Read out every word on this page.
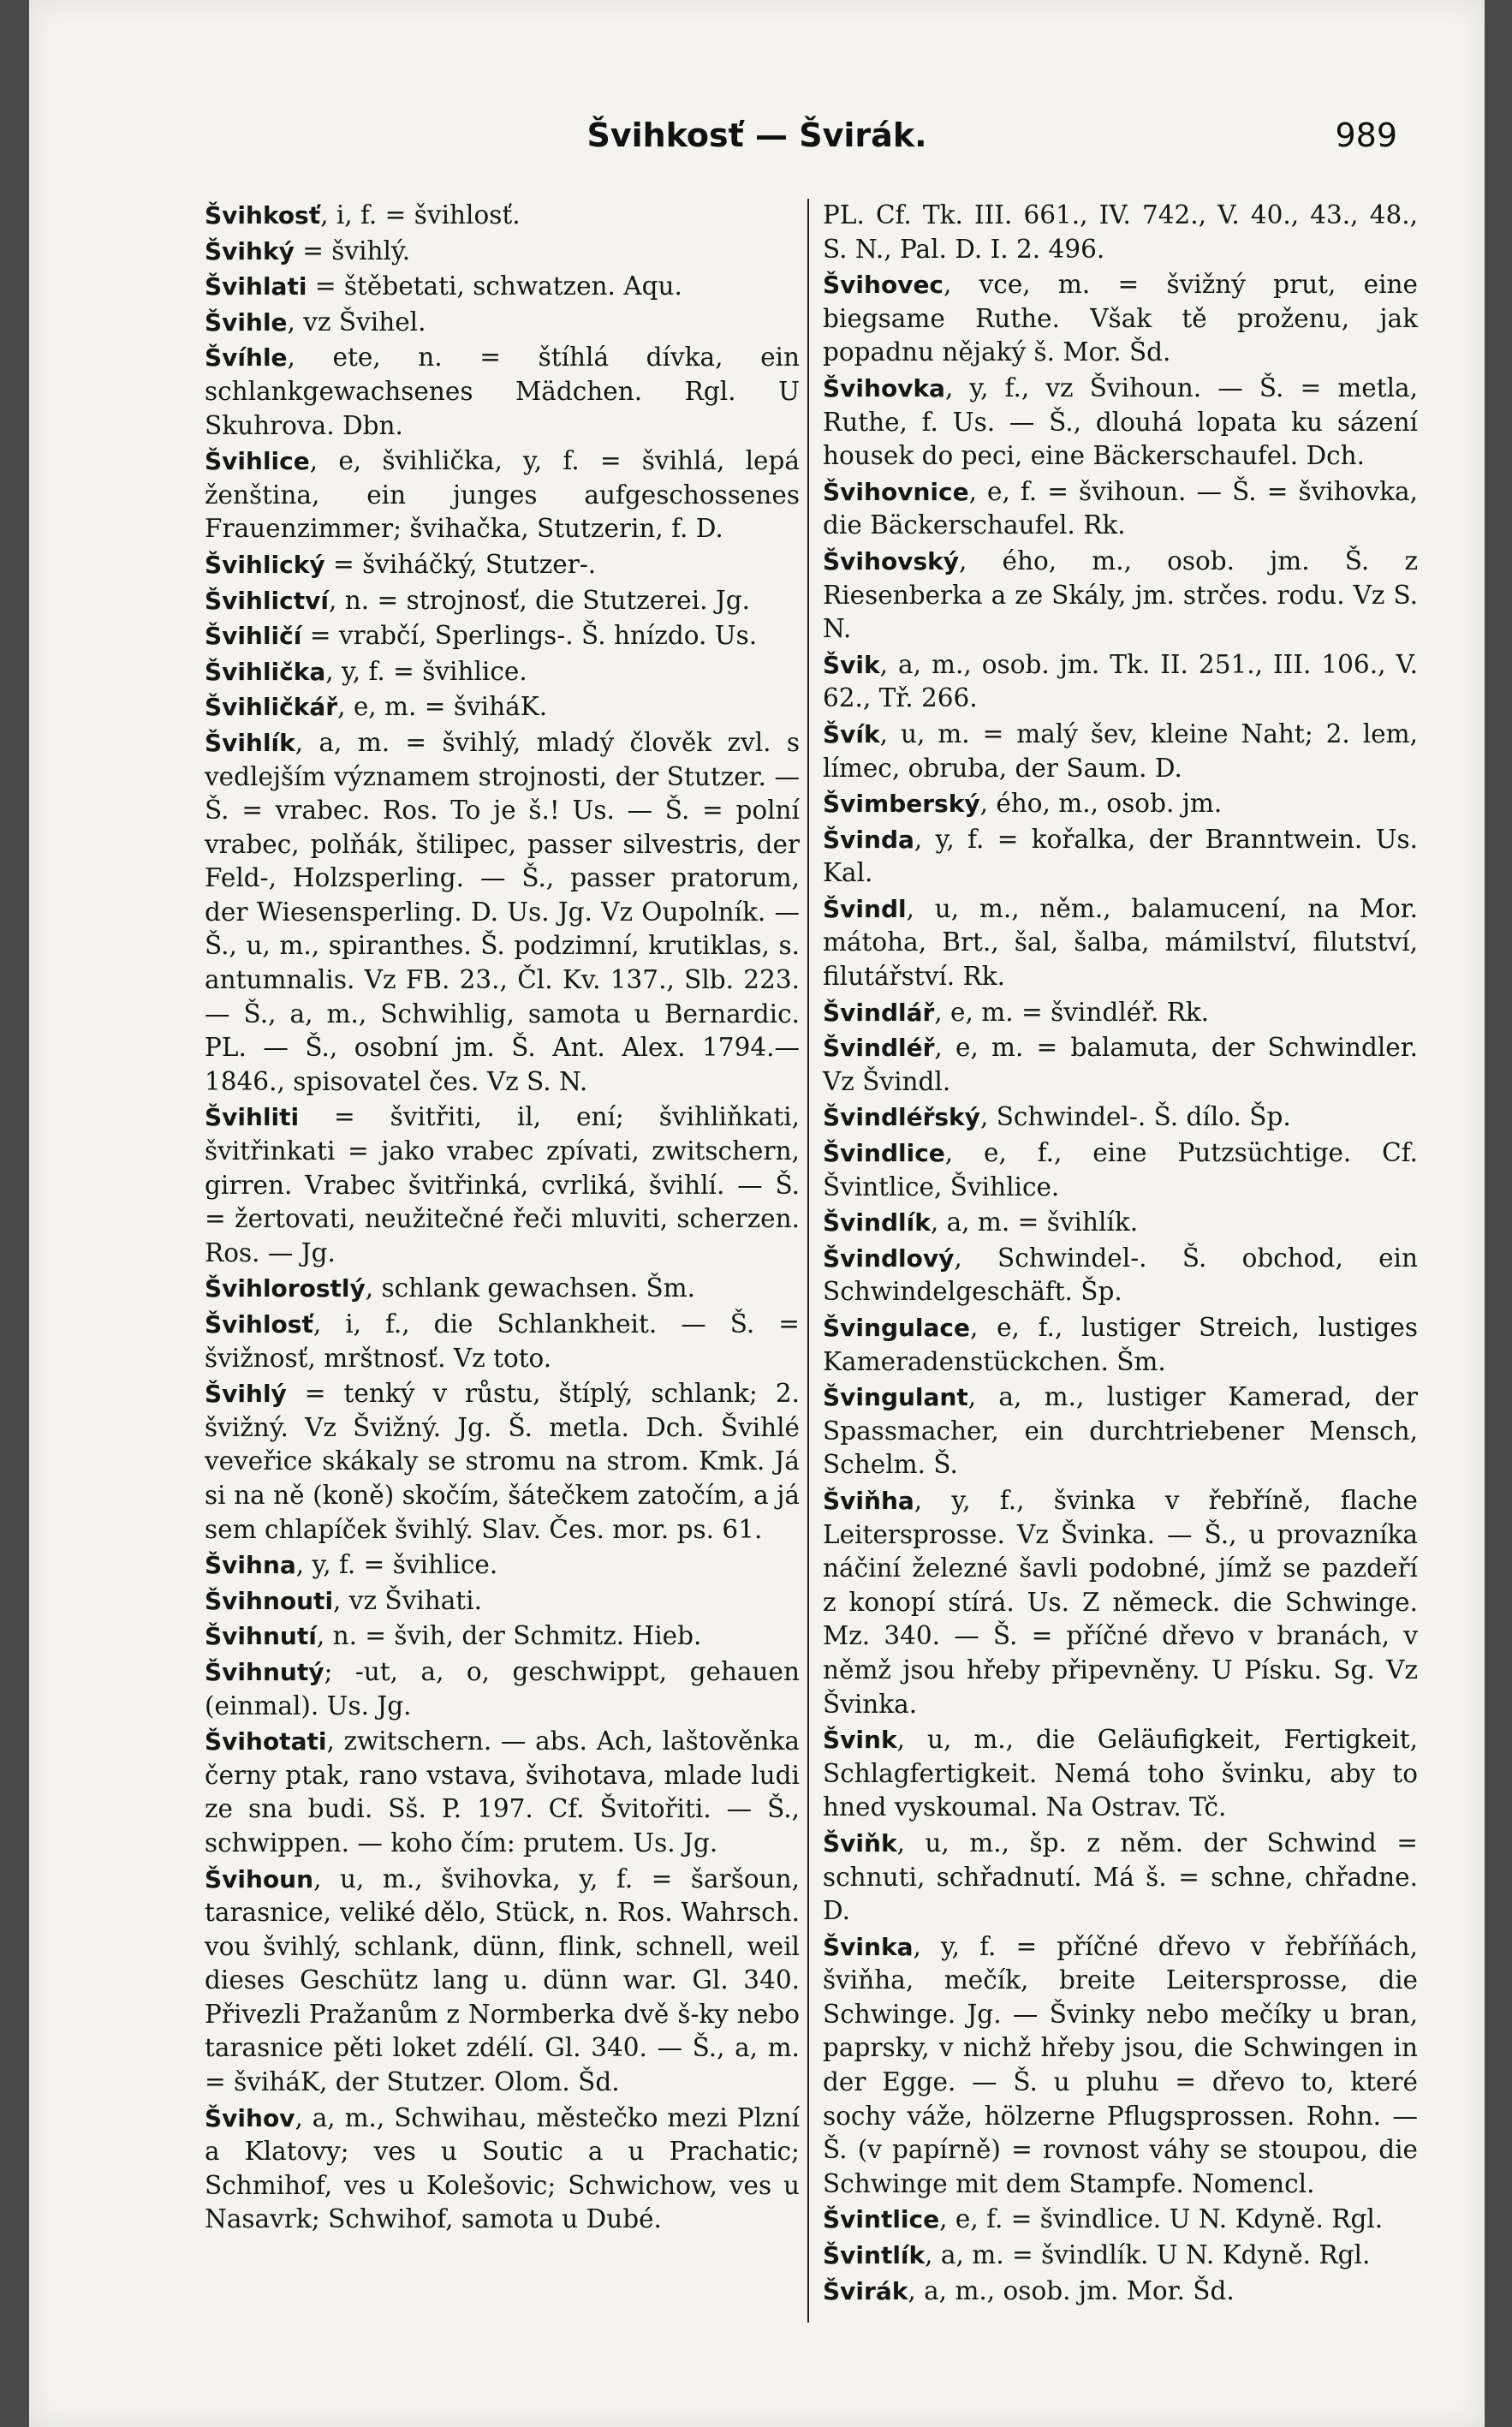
Švihkosť — Švirák.	989

Švihkosť, i, f. = švihlosť.

Švihký = švihlý.

Švihlati = štěbetati, schwatzen. Aqu.

Švihle, vz Švihel.

Švíhle, ete, n. = štíhlá dívka, ein schlankgewachsenes Mädchen. Rgl. U Skuhrova. Dbn.

Švihlice, e, švihlička, y, f. = švihlá, lepá ženština, ein junges aufgeschossenes Frauenzimmer; švihačka, Stutzerin, f. D.

Švihlický = šviháčký, Stutzer-.

Švihlictví, n. = strojnosť, die Stutzerei. Jg.

Švihličí = vrabčí, Sperlings-. Š. hnízdo. Us.

Švihlička, y, f. = švihlice.

Švihličkář, e, m. = šviháK.

Švihlík, a, m. = švihlý, mladý člověk zvl. s vedlejším významem strojnosti, der Stutzer. — Š. = vrabec. Ros. To je š.! Us. — Š. = polní vrabec, polňák, štilipec, passer silvestris, der Feld-, Holzsperling. — Š., passer pratorum, der Wiesensperling. D. Us. Jg. Vz Oupolník. — Š., u, m., spiranthes. Š. podzimní, krutiklas, s. antumnalis. Vz FB. 23., Čl. Kv. 137., Slb. 223. — Š., a, m., Schwihlig, samota u Bernardic. PL. — Š., osobní jm. Š. Ant. Alex. 1794.—1846., spisovatel čes. Vz S. N.

Švihliti = švitřiti, il, ení; švihliňkati, švitřinkati = jako vrabec zpívati, zwitschern, girren. Vrabec švitřinká, cvrliká, švihlí. — Š. = žertovati, neužitečné řeči mluviti, scherzen. Ros. — Jg.

Švihlorostlý, schlank gewachsen. Šm.

Švihlosť, i, f., die Schlankheit. — Š. = švižnosť, mrštnosť. Vz toto.

Švihlý = tenký v růstu, štíplý, schlank; 2. švižný. Vz Švižný. Jg. Š. metla. Dch. Švihlé veveřice skákaly se stromu na strom. Kmk. Já si na ně (koně) skočím, šátečkem zatočím, a já sem chlapíček švihlý. Slav. Čes. mor. ps. 61.

Švihna, y, f. = švihlice.

Švihnouti, vz Švihati.

Švihnutí, n. = švih, der Schmitz. Hieb.

Švihnutý; -ut, a, o, geschwippt, gehauen (einmal). Us. Jg.

Švihotati, zwitschern. — abs. Ach, laštověnka černy ptak, rano vstava, švihotava, mlade ludi ze sna budi. Sš. P. 197. Cf. Švitořiti. — Š., schwippen. — koho čím: prutem. Us. Jg.

Švihoun, u, m., švihovka, y, f. = šaršoun, tarasnice, veliké dělo, Stück, n. Ros. Wahrsch. vou švihlý, schlank, dünn, flink, schnell, weil dieses Geschütz lang u. dünn war. Gl. 340. Přivezli Pražanům z Normberka dvě š-ky nebo tarasnice pěti loket zdélí. Gl. 340. — Š., a, m. = šviháK, der Stutzer. Olom. Šd.

Švihov, a, m., Schwihau, městečko mezi Plzní a Klatovy; ves u Soutic a u Prachatic; Schmihof, ves u Kolešovic; Schwichow, ves u Nasavrk; Schwihof, samota u Dubé.

PL. Cf. Tk. III. 661., IV. 742., V. 40., 43., 48., S. N., Pal. D. I. 2. 496.

Švihovec, vce, m. = švižný prut, eine biegsame Ruthe. Však tě proženu, jak popadnu nějaký š. Mor. Šd.

Švihovka, y, f., vz Švihoun. — Š. = metla, Ruthe, f. Us. — Š., dlouhá lopata ku sázení housek do peci, eine Bäckerschaufel. Dch.

Švihovnice, e, f. = švihoun. — Š. = švihovka, die Bäckerschaufel. Rk.

Švihovský, ého, m., osob. jm. Š. z Riesenberka a ze Skály, jm. strčes. rodu. Vz S. N.

Švik, a, m., osob. jm. Tk. II. 251., III. 106., V. 62., Tř. 266.

Švík, u, m. = malý šev, kleine Naht; 2. lem, límec, obruba, der Saum. D.

Švimberský, ého, m., osob. jm.

Švinda, y, f. = kořalka, der Branntwein. Us. Kal.

Švindl, u, m., něm., balamucení, na Mor. mátoha, Brt., šal, šalba, mámilství, filutství, filutářství. Rk.

Švindlář, e, m. = švindléř. Rk.

Švindléř, e, m. = balamuta, der Schwindler. Vz Švindl.

Švindléřský, Schwindel-. Š. dílo. Šp.

Švindlice, e, f., eine Putzsüchtige. Cf. Švintlice, Švihlice.

Švindlík, a, m. = švihlík.

Švindlový, Schwindel-. Š. obchod, ein Schwindelgeschäft. Šp.

Švingulace, e, f., lustiger Streich, lustiges Kameradenstückchen. Šm.

Švingulant, a, m., lustiger Kamerad, der Spassmacher, ein durchtriebener Mensch, Schelm. Š.

Šviňha, y, f., švinka v řebříně, flache Leitersprosse. Vz Švinka. — Š., u provazníka náčiní železné šavli podobné, jímž se pazdeří z konopí stírá. Us. Z německ. die Schwinge. Mz. 340. — Š. = příčné dřevo v branách, v němž jsou hřeby připevněny. U Písku. Sg. Vz Švinka.

Švink, u, m., die Geläufigkeit, Fertigkeit, Schlagfertigkeit. Nemá toho švinku, aby to hned vyskoumal. Na Ostrav. Tč.

Šviňk, u, m., šp. z něm. der Schwind = schnuti, schřadnutí. Má š. = schne, chřadne. D.

Švinka, y, f. = příčné dřevo v řebříňách, šviňha, mečík, breite Leitersprosse, die Schwinge. Jg. — Švinky nebo mečíky u bran, paprsky, v nichž hřeby jsou, die Schwingen in der Egge. — Š. u pluhu = dřevo to, které sochy váže, hölzerne Pflugsprossen. Rohn. — Š. (v papírně) = rovnost váhy se stoupou, die Schwinge mit dem Stampfe. Nomencl.

Švintlice, e, f. = švindlice. U N. Kdyně. Rgl.

Švintlík, a, m. = švindlík. U N. Kdyně. Rgl.

Švirák, a, m., osob. jm. Mor. Šd.
